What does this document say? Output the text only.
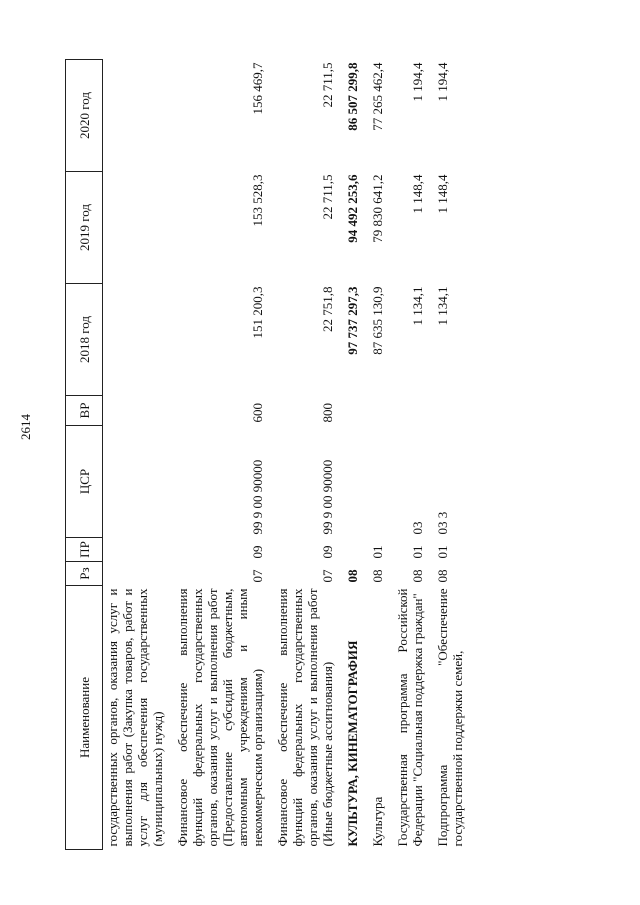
2614
Наименование	Рз	ПР	ЦСР	ВР	2018 год	2019 год	2020 год
государственных органов, оказания услуг и выполнения работ (Закупка товаров, работ и услуг для обеспечения государственных (муниципальных) нужд)							
Финансовое обеспечение выполнения функций федеральных государственных органов, оказания услуг и выполнения работ (Предоставление субсидий бюджетным, автономным учреждениям и иным некоммерческим организациям)	07	09	99 9 00 90000	600	151 200,3	153 528,3	156 469,7
Финансовое обеспечение выполнения функций федеральных государственных органов, оказания услуг и выполнения работ (Иные бюджетные ассигнования)	07	09	99 9 00 90000	800	22 751,8	22 711,5	22 711,5
КУЛЬТУРА, КИНЕМАТОГРАФИЯ	08				97 737 297,3	94 492 253,6	86 507 299,8
Культура	08	01			87 635 130,9	79 830 641,2	77 265 462,4
Государственная программа Российской Федерации "Социальная поддержка граждан"	08	01	03		1 134,1	1 148,4	1 194,4
Подпрограмма "Обеспечение государственной поддержки семей,	08	01	03 3		1 134,1	1 148,4	1 194,4
